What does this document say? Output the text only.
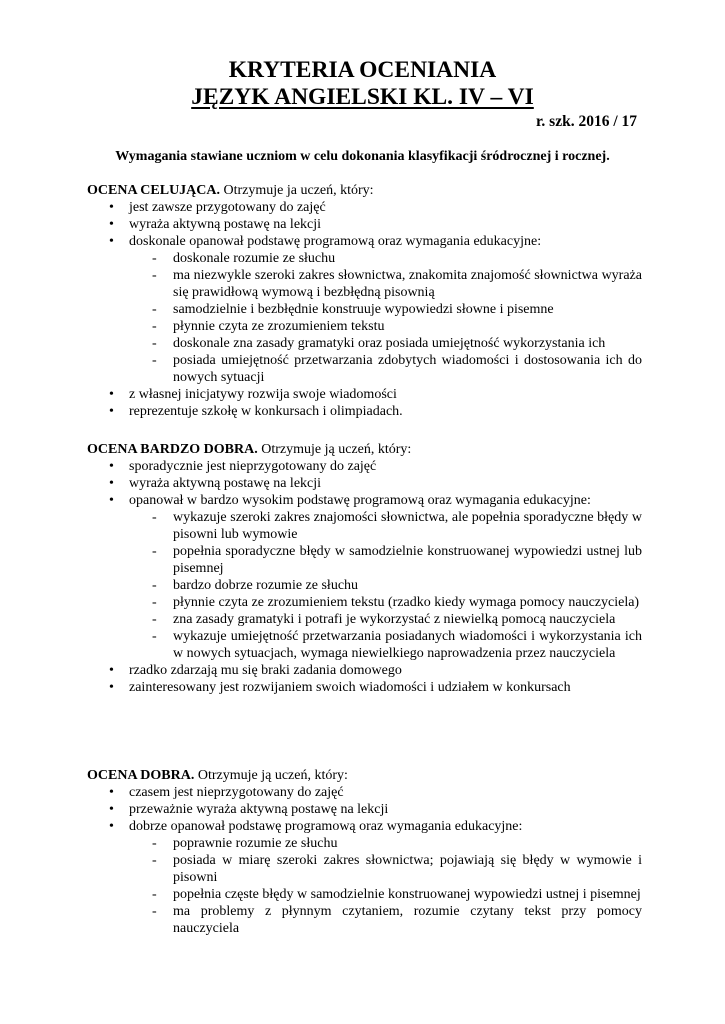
KRYTERIA OCENIANIA
JĘZYK ANGIELSKI KL. IV – VI
r. szk. 2016 / 17
Wymagania stawiane uczniom w celu dokonania klasyfikacji śródrocznej i rocznej.
OCENA CELUJĄCA. Otrzymuje ja uczeń, który:
• jest zawsze przygotowany do zajęć
• wyraża aktywną postawę na lekcji
• doskonale opanował podstawę programową oraz wymagania edukacyjne:
- doskonale rozumie ze słuchu
- ma niezwykle szeroki zakres słownictwa, znakomita znajomość słownictwa wyraża się prawidłową wymową i bezbłędną pisownią
- samodzielnie i bezbłędnie konstruuje wypowiedzi słowne i pisemne
- płynnie czyta ze zrozumieniem tekstu
- doskonale zna zasady gramatyki oraz posiada umiejętność wykorzystania ich
- posiada umiejętność przetwarzania zdobytych wiadomości i dostosowania ich do nowych sytuacji
• z własnej inicjatywy rozwija swoje wiadomości
• reprezentuje szkołę w konkursach i olimpiadach.
OCENA BARDZO DOBRA. Otrzymuje ją uczeń, który:
• sporadycznie jest nieprzygotowany do zajęć
• wyraża aktywną postawę na lekcji
• opanował w bardzo wysokim podstawę programową oraz wymagania edukacyjne:
- wykazuje szeroki zakres znajomości słownictwa, ale popełnia sporadyczne błędy w pisowni lub wymowie
- popełnia sporadyczne błędy w samodzielnie konstruowanej wypowiedzi ustnej lub pisemnej
- bardzo dobrze rozumie ze słuchu
- płynnie czyta ze zrozumieniem tekstu (rzadko kiedy wymaga pomocy nauczyciela)
- zna zasady gramatyki i potrafi je wykorzystać z niewielką pomocą nauczyciela
- wykazuje umiejętność przetwarzania posiadanych wiadomości i wykorzystania ich w nowych sytuacjach, wymaga niewielkiego naprowadzenia przez nauczyciela
• rzadko zdarzają mu się braki zadania domowego
• zainteresowany jest rozwijaniem swoich wiadomości i udziałem w konkursach
OCENA DOBRA. Otrzymuje ją uczeń, który:
• czasem jest nieprzygotowany do zajęć
• przeważnie wyraża aktywną postawę na lekcji
• dobrze opanował podstawę programową oraz wymagania edukacyjne:
- poprawnie rozumie ze słuchu
- posiada w miarę szeroki zakres słownictwa; pojawiają się błędy w wymowie i pisowni
- popełnia częste błędy w samodzielnie konstruowanej wypowiedzi ustnej i pisemnej
- ma problemy z płynnym czytaniem, rozumie czytany tekst przy pomocy nauczyciela
